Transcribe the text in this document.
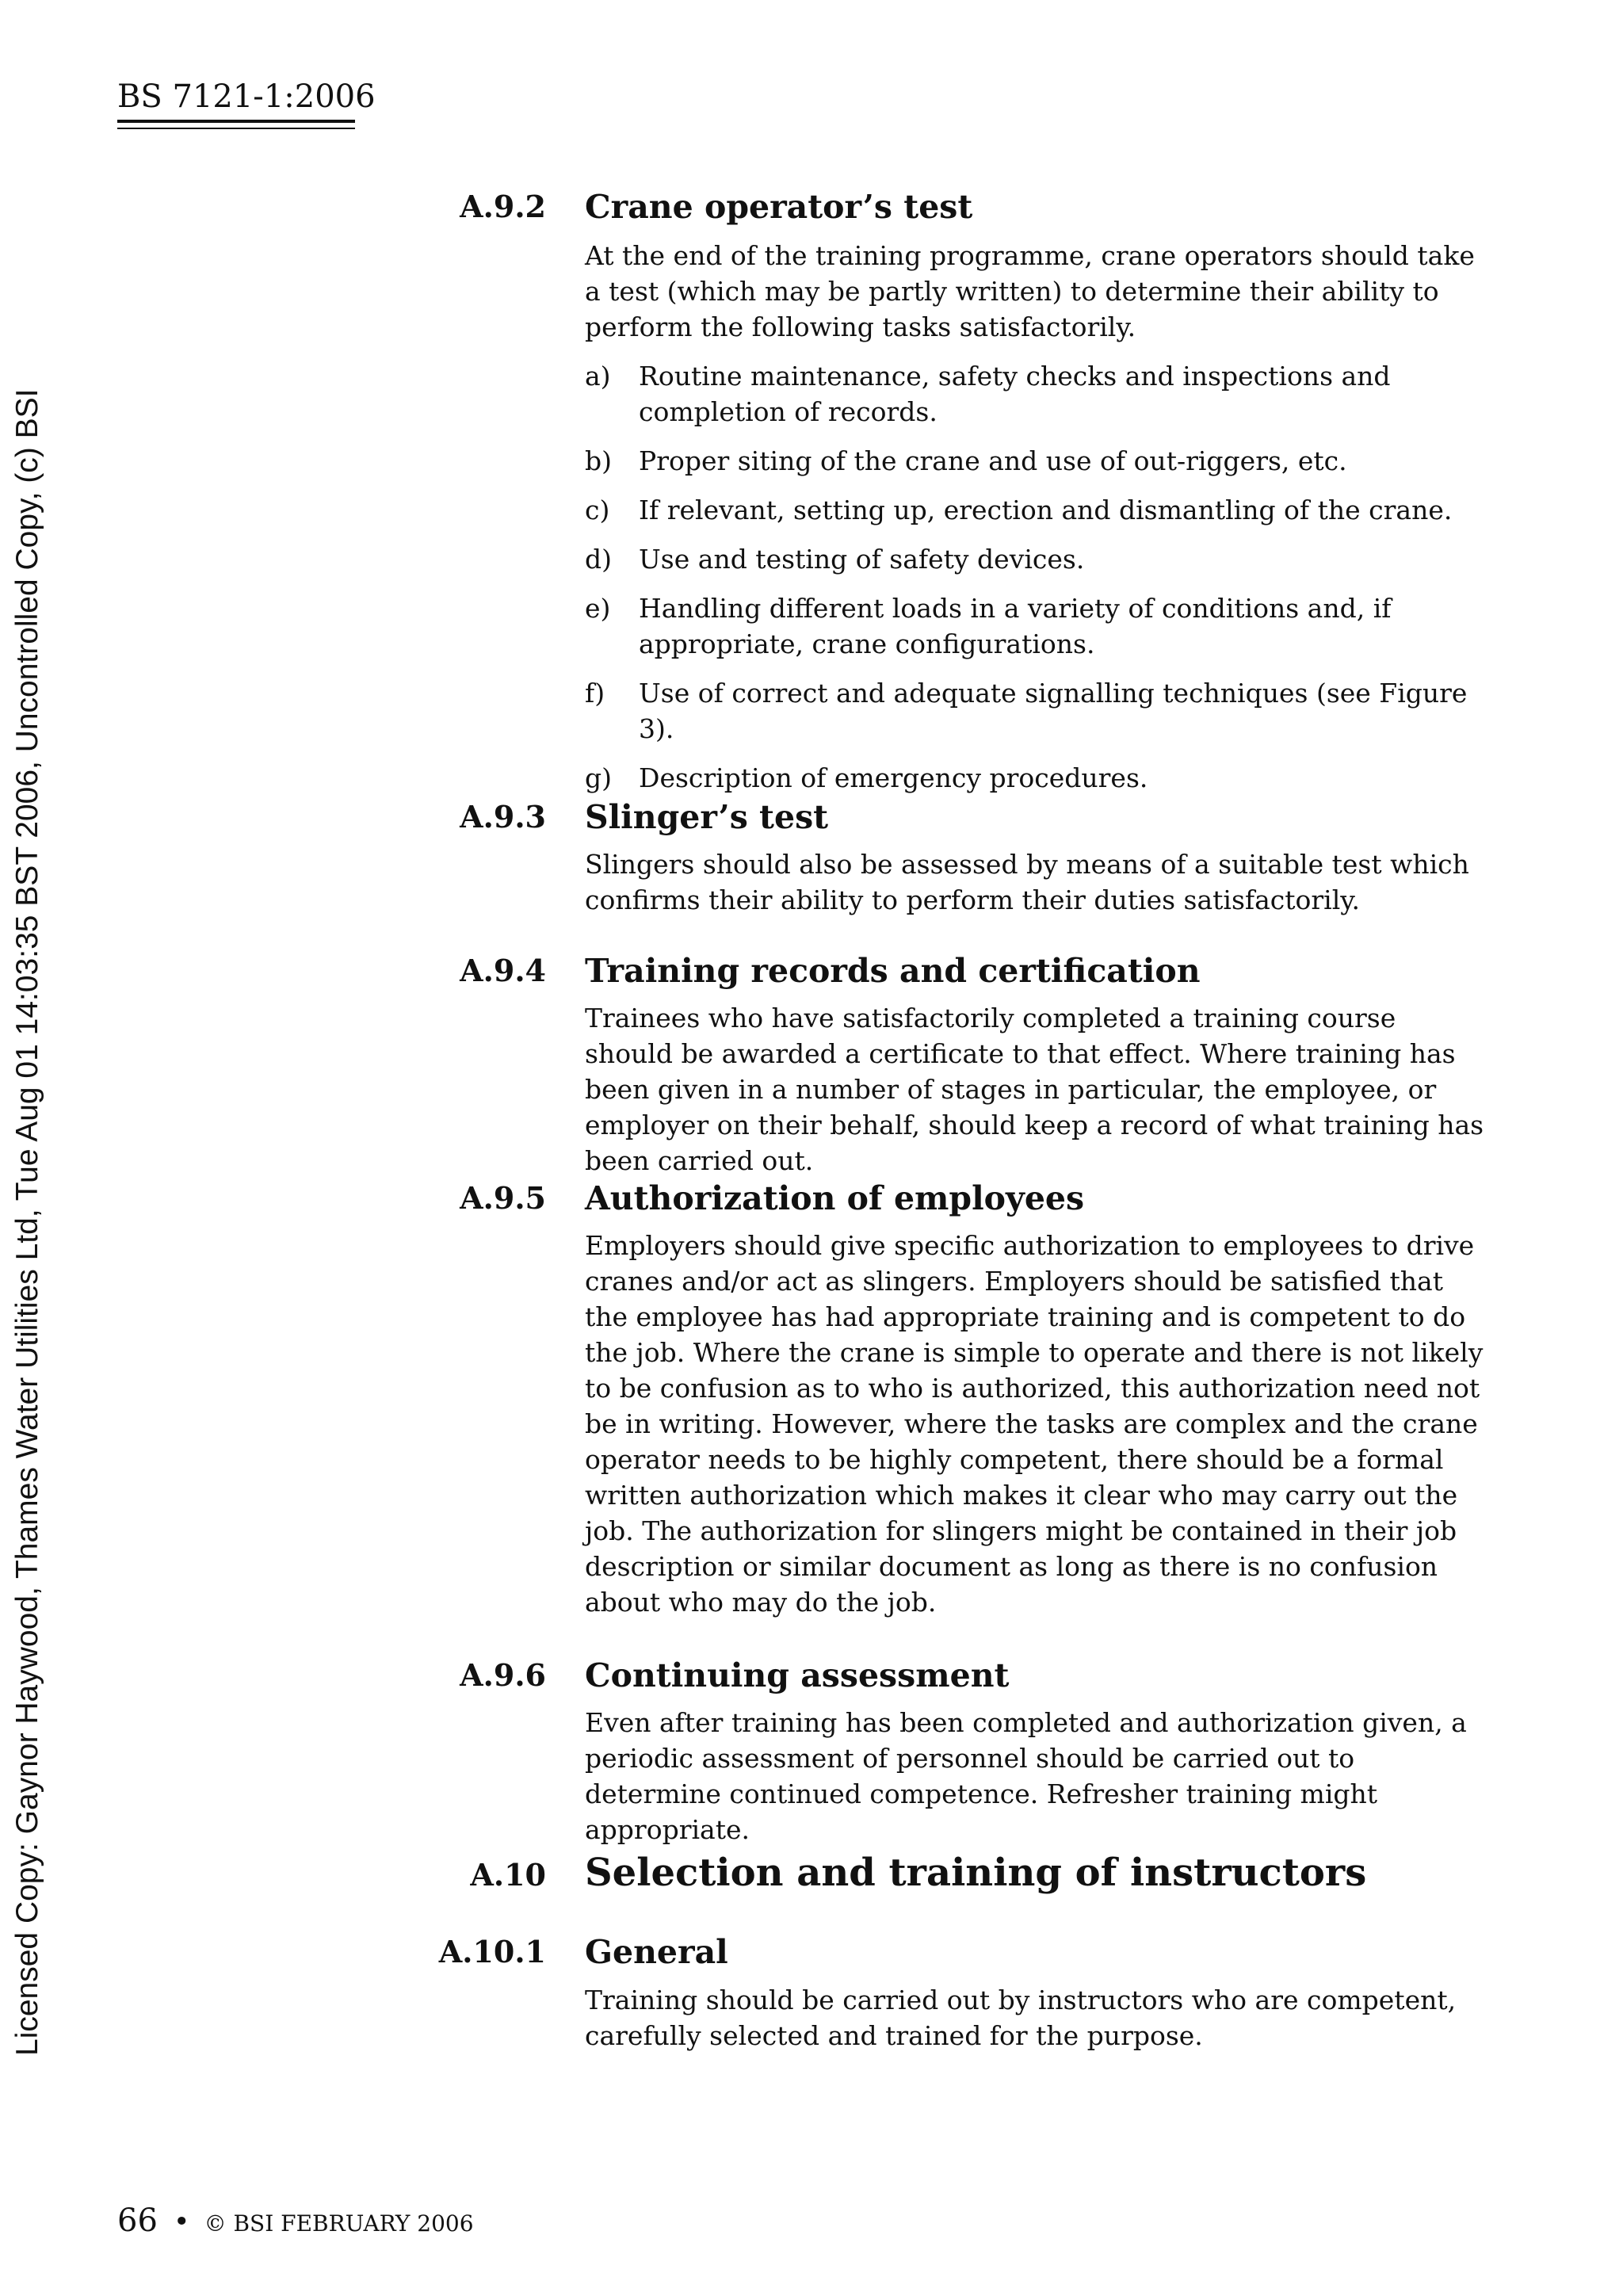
BS 7121-1:2006
Licensed Copy: Gaynor Haywood, Thames Water Utilities Ltd, Tue Aug 01 14:03:35 BST 2006, Uncontrolled Copy, (c) BSI
A.9.2 Crane operator’s test
At the end of the training programme, crane operators should take a test (which may be partly written) to determine their ability to perform the following tasks satisfactorily.
a) Routine maintenance, safety checks and inspections and completion of records.
b) Proper siting of the crane and use of out-riggers, etc.
c) If relevant, setting up, erection and dismantling of the crane.
d) Use and testing of safety devices.
e) Handling different loads in a variety of conditions and, if appropriate, crane configurations.
f) Use of correct and adequate signalling techniques (see Figure 3).
g) Description of emergency procedures.
A.9.3 Slinger’s test
Slingers should also be assessed by means of a suitable test which confirms their ability to perform their duties satisfactorily.
A.9.4 Training records and certification
Trainees who have satisfactorily completed a training course should be awarded a certificate to that effect. Where training has been given in a number of stages in particular, the employee, or employer on their behalf, should keep a record of what training has been carried out.
A.9.5 Authorization of employees
Employers should give specific authorization to employees to drive cranes and/or act as slingers. Employers should be satisfied that the employee has had appropriate training and is competent to do the job. Where the crane is simple to operate and there is not likely to be confusion as to who is authorized, this authorization need not be in writing. However, where the tasks are complex and the crane operator needs to be highly competent, there should be a formal written authorization which makes it clear who may carry out the job. The authorization for slingers might be contained in their job description or similar document as long as there is no confusion about who may do the job.
A.9.6 Continuing assessment
Even after training has been completed and authorization given, a periodic assessment of personnel should be carried out to determine continued competence. Refresher training might appropriate.
A.10 Selection and training of instructors
A.10.1 General
Training should be carried out by instructors who are competent, carefully selected and trained for the purpose.
66 • © BSI FEBRUARY 2006
